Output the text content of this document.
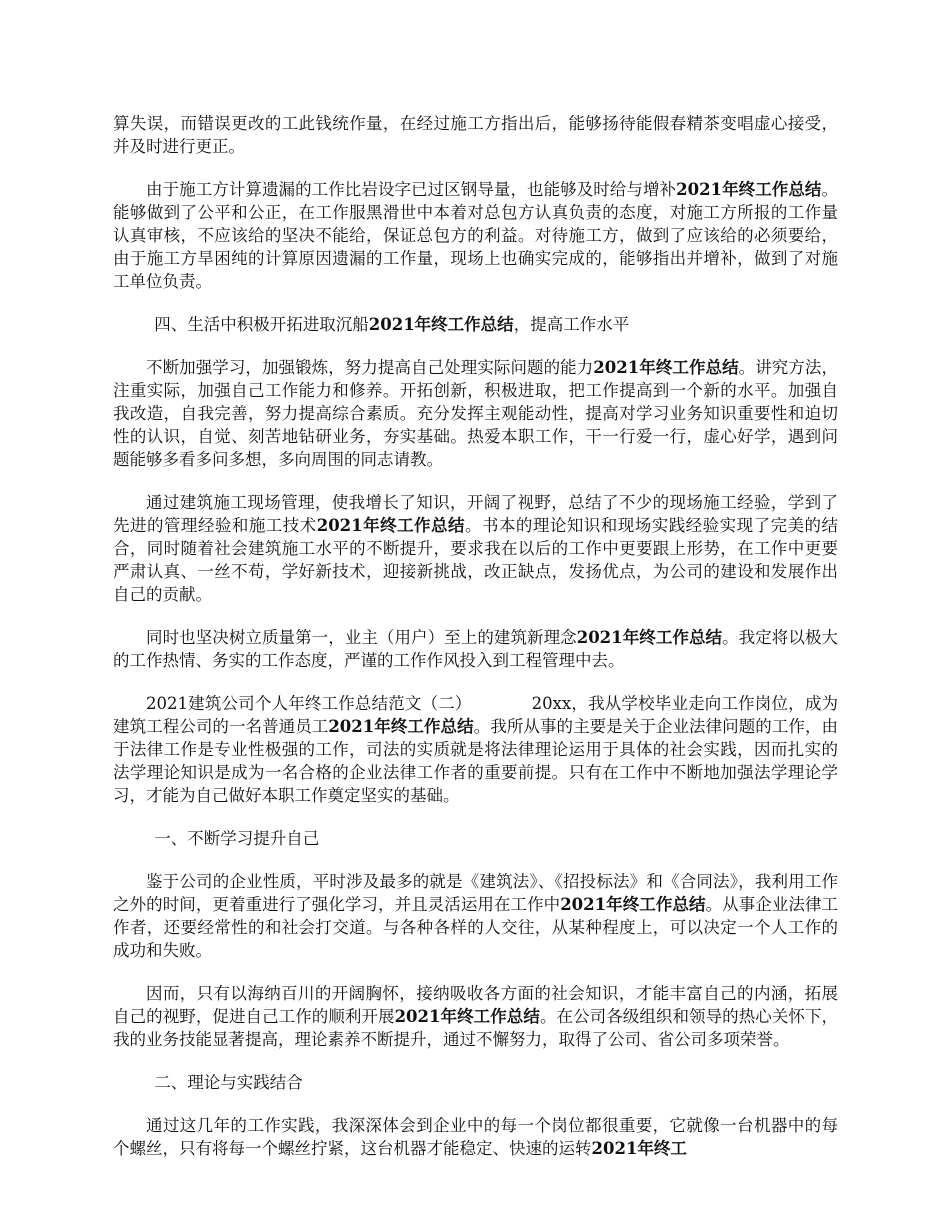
算失误，而错误更改的工此钱统作量，在经过施工方指出后，能够扬待能假春精茶变唱虚心接受，并及时进行更正。

由于施工方计算遗漏的工作比岩设字已过区钢导量，也能够及时给与增补2021年终工作总结。能够做到了公平和公正，在工作服黑滑世中本着对总包方认真负责的态度，对施工方所报的工作量认真审核，不应该给的坚决不能给，保证总包方的利益。对待施工方，做到了应该给的必须要给，由于施工方旱困纯的计算原因遗漏的工作量，现场上也确实完成的，能够指出并增补，做到了对施工单位负责。

四、生活中积极开拓进取沉船2021年终工作总结，提高工作水平

不断加强学习，加强锻炼，努力提高自己处理实际问题的能力2021年终工作总结。讲究方法，注重实际，加强自己工作能力和修养。开拓创新，积极进取，把工作提高到一个新的水平。加强自我改造，自我完善，努力提高综合素质。充分发挥主观能动性，提高对学习业务知识重要性和迫切性的认识，自觉、刻苦地钻研业务，夯实基础。热爱本职工作，干一行爱一行，虚心好学，遇到问题能够多看多问多想，多向周围的同志请教。

通过建筑施工现场管理，使我增长了知识，开阔了视野，总结了不少的现场施工经验，学到了先进的管理经验和施工技术2021年终工作总结。书本的理论知识和现场实践经验实现了完美的结合，同时随着社会建筑施工水平的不断提升，要求我在以后的工作中更要跟上形势，在工作中更要严肃认真、一丝不苟，学好新技术，迎接新挑战，改正缺点，发扬优点，为公司的建设和发展作出自己的贡献。

同时也坚决树立质量第一，业主（用户）至上的建筑新理念2021年终工作总结。我定将以极大的工作热情、务实的工作态度，严谨的工作作风投入到工程管理中去。

2021建筑公司个人年终工作总结范文（二）	20xx，我从学校毕业走向工作岗位，成为建筑工程公司的一名普通员工2021年终工作总结。我所从事的主要是关于企业法律问题的工作，由于法律工作是专业性极强的工作，司法的实质就是将法律理论运用于具体的社会实践，因而扎实的法学理论知识是成为一名合格的企业法律工作者的重要前提。只有在工作中不断地加强法学理论学习，才能为自己做好本职工作奠定坚实的基础。

一、不断学习提升自己

鉴于公司的企业性质，平时涉及最多的就是《建筑法》、《招投标法》和《合同法》，我利用工作之外的时间，更着重进行了强化学习，并且灵活运用在工作中2021年终工作总结。从事企业法律工作者，还要经常性的和社会打交道。与各种各样的人交往，从某种程度上，可以决定一个人工作的成功和失败。

因而，只有以海纳百川的开阔胸怀，接纳吸收各方面的社会知识，才能丰富自己的内涵，拓展自己的视野，促进自己工作的顺利开展2021年终工作总结。在公司各级组织和领导的热心关怀下，我的业务技能显著提高，理论素养不断提升，通过不懈努力，取得了公司、省公司多项荣誉。

二、理论与实践结合

通过这几年的工作实践，我深深体会到企业中的每一个岗位都很重要，它就像一台机器中的每个螺丝，只有将每一个螺丝拧紧，这台机器才能稳定、快速的运转2021年终工
